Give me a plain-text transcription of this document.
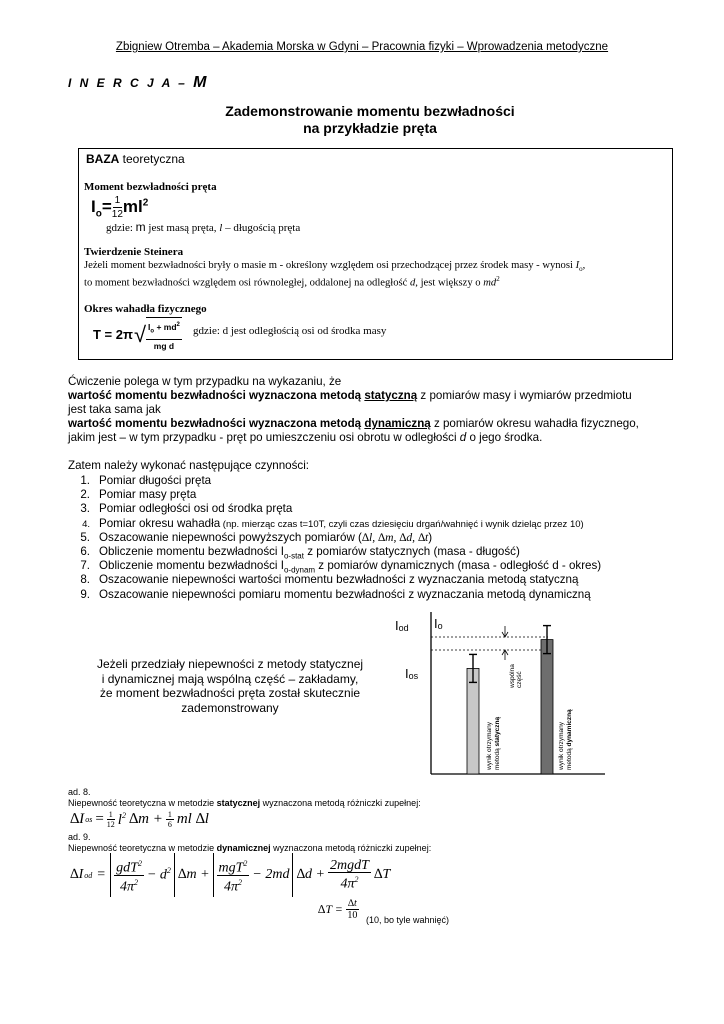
Zbigniew Otremba – Akademia Morska w Gdyni – Pracownia fizyki – Wprowadzenia metodyczne
I N E R C J A – M
Zademonstrowanie momentu bezwładności
na przykładzie pręta
BAZA teoretyczna
Moment bezwładności pręta
$I_o= \frac{1}{12} ml^2$
gdzie: m jest masą pręta, l – długością pręta
Twierdzenie Steinera
Jeżeli moment bezwładności bryły o masie m - określony względem osi przechodzącej przez środek masy - wynosi $I_o$,
to moment bezwładności względem osi równoległej, oddalonej na odległość d, jest większy o $md^2$
Okres wahadła fizycznego
T = 2π √ $\frac{I_o + md^2}{\text{mg d}}$ gdzie: d jest odległością osi od środka masy
Ćwiczenie polega w tym przypadku na wykazaniu, że
wartość momentu bezwładności wyznaczona metodą statyczną z pomiarów masy i wymiarów przedmiotu
jest taka sama jak
wartość momentu bezwładności wyznaczona metodą dynamiczną z pomiarów okresu wahadła fizycznego,
jakim jest – w tym przypadku - pręt po umieszczeniu osi obrotu w odległości d o jego środka.
Zatem należy wykonać następujące czynności:
1. Pomiar długości pręta
2. Pomiar masy pręta
3. Pomiar odległości osi od środka pręta
4. Pomiar okresu wahadła (np. mierząc czas t=10T, czyli czas dziesięciu drgań/wahnięć i wynik dzieląc przez 10)
5. Oszacowanie niepewności powyższych pomiarów (∆l, ∆m, ∆d, ∆t)
6. Obliczenie momentu bezwładności $I_{o-stat}$ z pomiarów statycznych (masa - długość)
7. Obliczenie momentu bezwładności $I_{o-dynam}$ z pomiarów dynamicznych (masa - odległość d - okres)
8. Oszacowanie niepewności wartości momentu bezwładności z wyznaczania metodą statyczną
9. Oszacowanie niepewności pomiaru momentu bezwładności z wyznaczania metodą dynamiczną
Jeżeli przedziały niepewności z metody statycznej
i dynamicznej mają wspólną część – zakładamy,
że moment bezwładności pręta został skutecznie
zademonstrowany
Iod Io
Ios	wspólna część
wynik otrzymany metodą statyczną	wynik otrzymany metodą dynamiczną
ad. 8.
Niepewność teoretyczna w metodzie statycznej wyznaczona metodą różniczki zupełnej:
∆I os = $\frac{1}{12} l^2$ $\Delta m + \frac{1}{6}$ ml ∆l
ad. 9.
Niepewność teoretyczna w metodzie dynamicznej wyznaczona metodą różniczki zupełnej:
∆I od = $\frac{gdT^2}{4\pi^2} - d^2$ $\Delta m + \frac{mgT^2}{4\pi^2} - 2md$ $\Delta d + \frac{\text{2mgdT}}{4\pi^2} \Delta T$
$\Delta T = \frac{\Delta t}{10} (10$, bo tyle wahnięć)
